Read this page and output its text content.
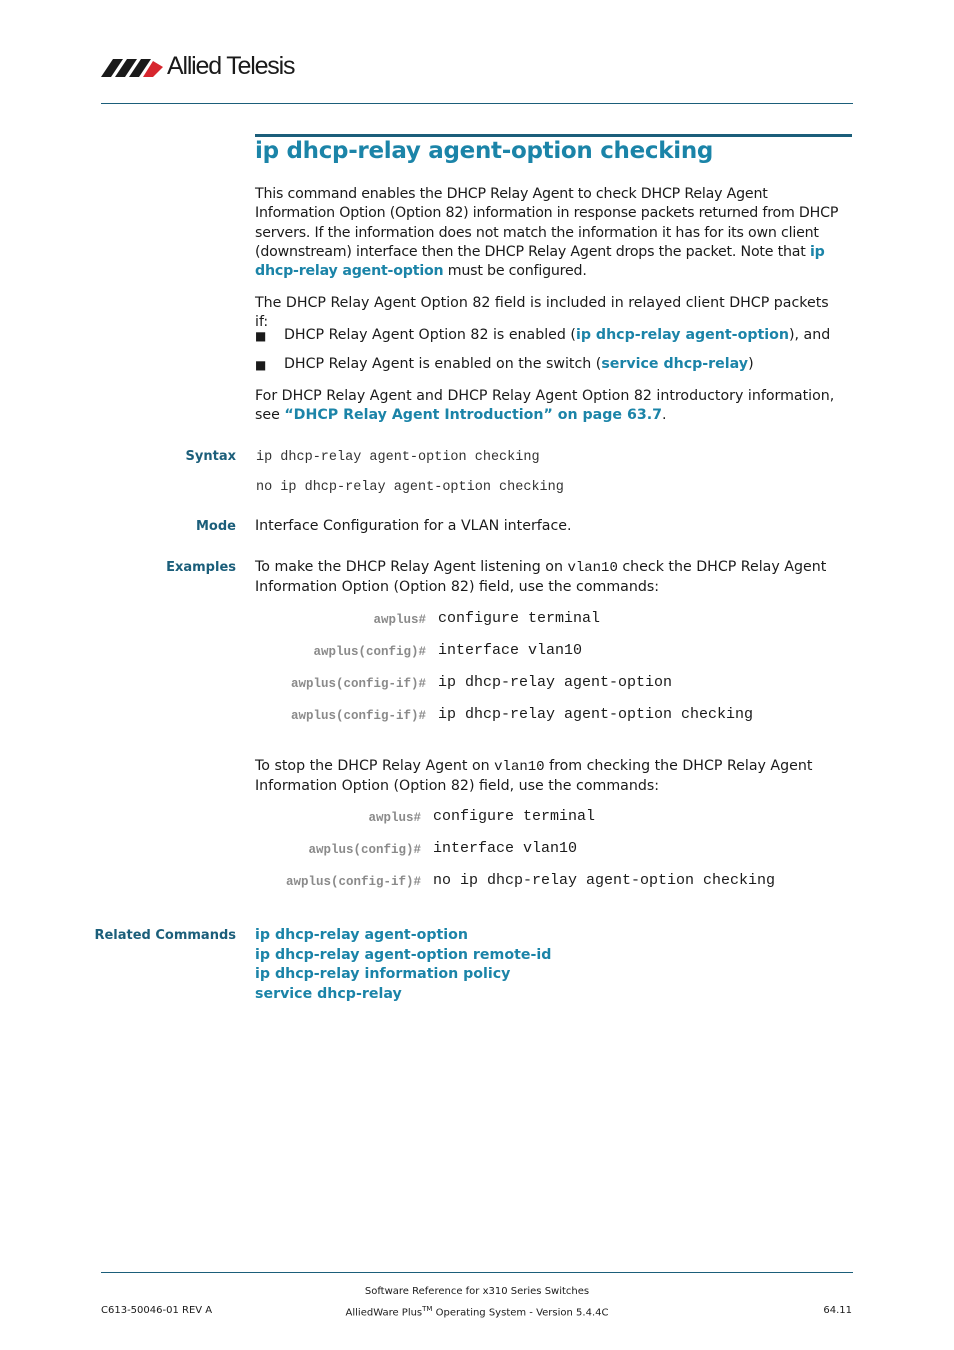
Allied Telesis
ip dhcp-relay agent-option checking
This command enables the DHCP Relay Agent to check DHCP Relay Agent Information Option (Option 82) information in response packets returned from DHCP servers. If the information does not match the information it has for its own client (downstream) interface then the DHCP Relay Agent drops the packet. Note that ip dhcp-relay agent-option must be configured.
The DHCP Relay Agent Option 82 field is included in relayed client DHCP packets if:
■ DHCP Relay Agent Option 82 is enabled (ip dhcp-relay agent-option), and
■ DHCP Relay Agent is enabled on the switch (service dhcp-relay)
For DHCP Relay Agent and DHCP Relay Agent Option 82 introductory information, see “DHCP Relay Agent Introduction” on page 63.7.
Syntax ip dhcp-relay agent-option checking
no ip dhcp-relay agent-option checking
Mode Interface Configuration for a VLAN interface.
Examples To make the DHCP Relay Agent listening on vlan10 check the DHCP Relay Agent Information Option (Option 82) field, use the commands:
awplus# configure terminal
awplus(config)# interface vlan10
awplus(config-if)# ip dhcp-relay agent-option
awplus(config-if)# ip dhcp-relay agent-option checking
To stop the DHCP Relay Agent on vlan10 from checking the DHCP Relay Agent Information Option (Option 82) field, use the commands:
awplus# configure terminal
awplus(config)# interface vlan10
awplus(config-if)# no ip dhcp-relay agent-option checking
Related Commands ip dhcp-relay agent-option
ip dhcp-relay agent-option remote-id
ip dhcp-relay information policy
service dhcp-relay
C613-50046-01 REV A
Software Reference for x310 Series Switches
AlliedWare Plus™ Operating System - Version 5.4.4C	64.11
